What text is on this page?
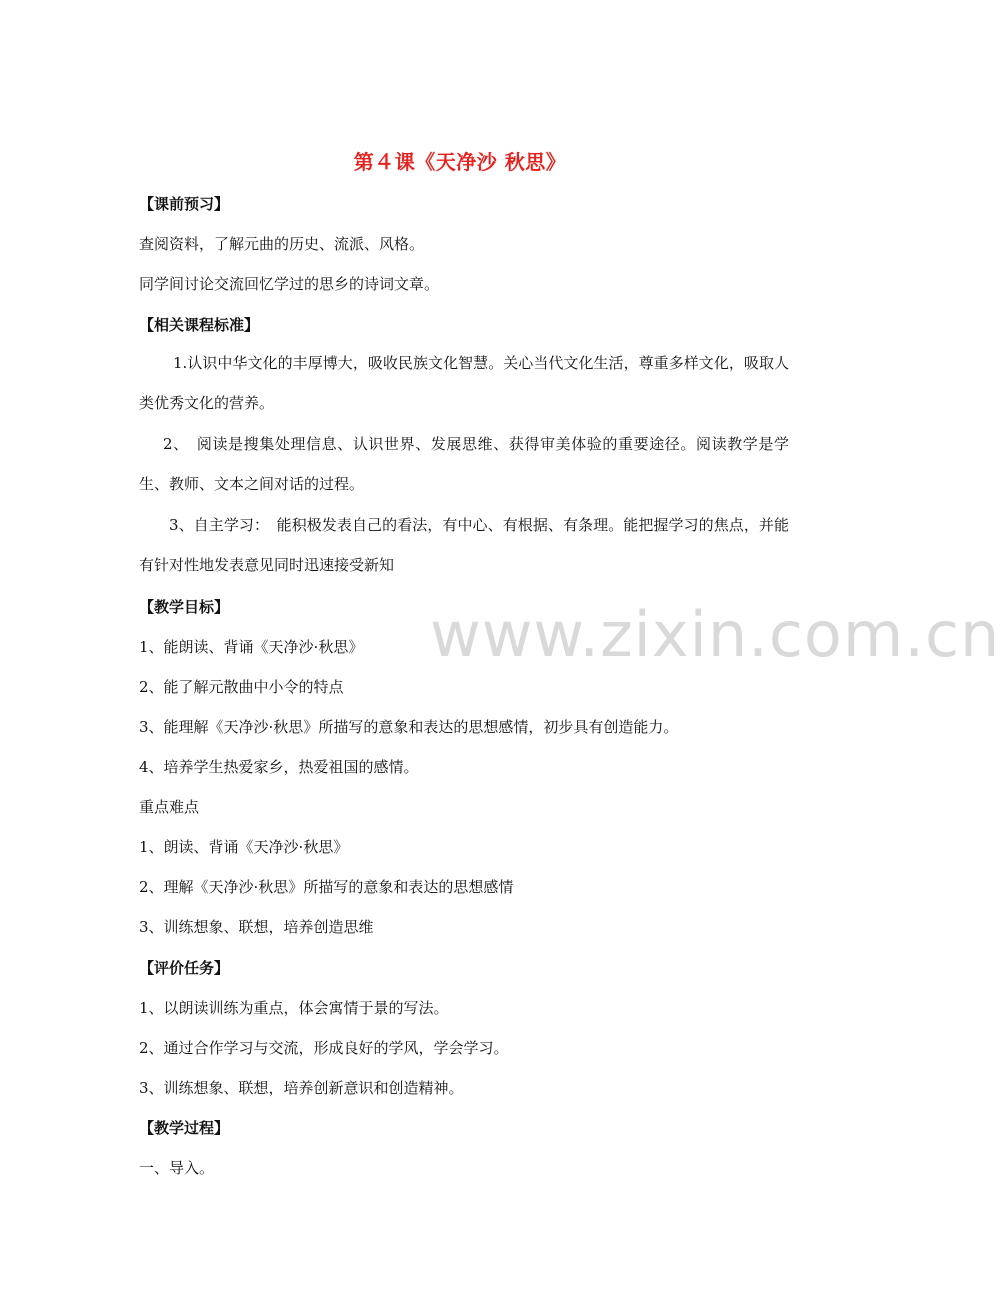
www.zixin.com.cn
第４课《天净沙 秋思》
【课前预习】
查阅资料，了解元曲的历史、流派、风格。
同学间讨论交流回忆学过的思乡的诗词文章。
【相关课程标准】
1.认识中华文化的丰厚博大，吸收民族文化智慧。关心当代文化生活，尊重多样文化，吸取人类优秀文化的营养。
2、　阅读是搜集处理信息、认识世界、发展思维、获得审美体验的重要途径。阅读教学是学生、教师、文本之间对话的过程。
3、自主学习：　能积极发表自己的看法，有中心、有根据、有条理。能把握学习的焦点，并能有针对性地发表意见同时迅速接受新知
【教学目标】
1、能朗读、背诵《天净沙·秋思》
2、能了解元散曲中小令的特点
3、能理解《天净沙·秋思》所描写的意象和表达的思想感情，初步具有创造能力。
4、培养学生热爱家乡，热爱祖国的感情。
重点难点
1、朗读、背诵《天净沙·秋思》
2、理解《天净沙·秋思》所描写的意象和表达的思想感情
3、训练想象、联想，培养创造思维
【评价任务】
1、以朗读训练为重点，体会寓情于景的写法。
2、通过合作学习与交流，形成良好的学风，学会学习。
3、训练想象、联想，培养创新意识和创造精神。
【教学过程】
一、导入。
